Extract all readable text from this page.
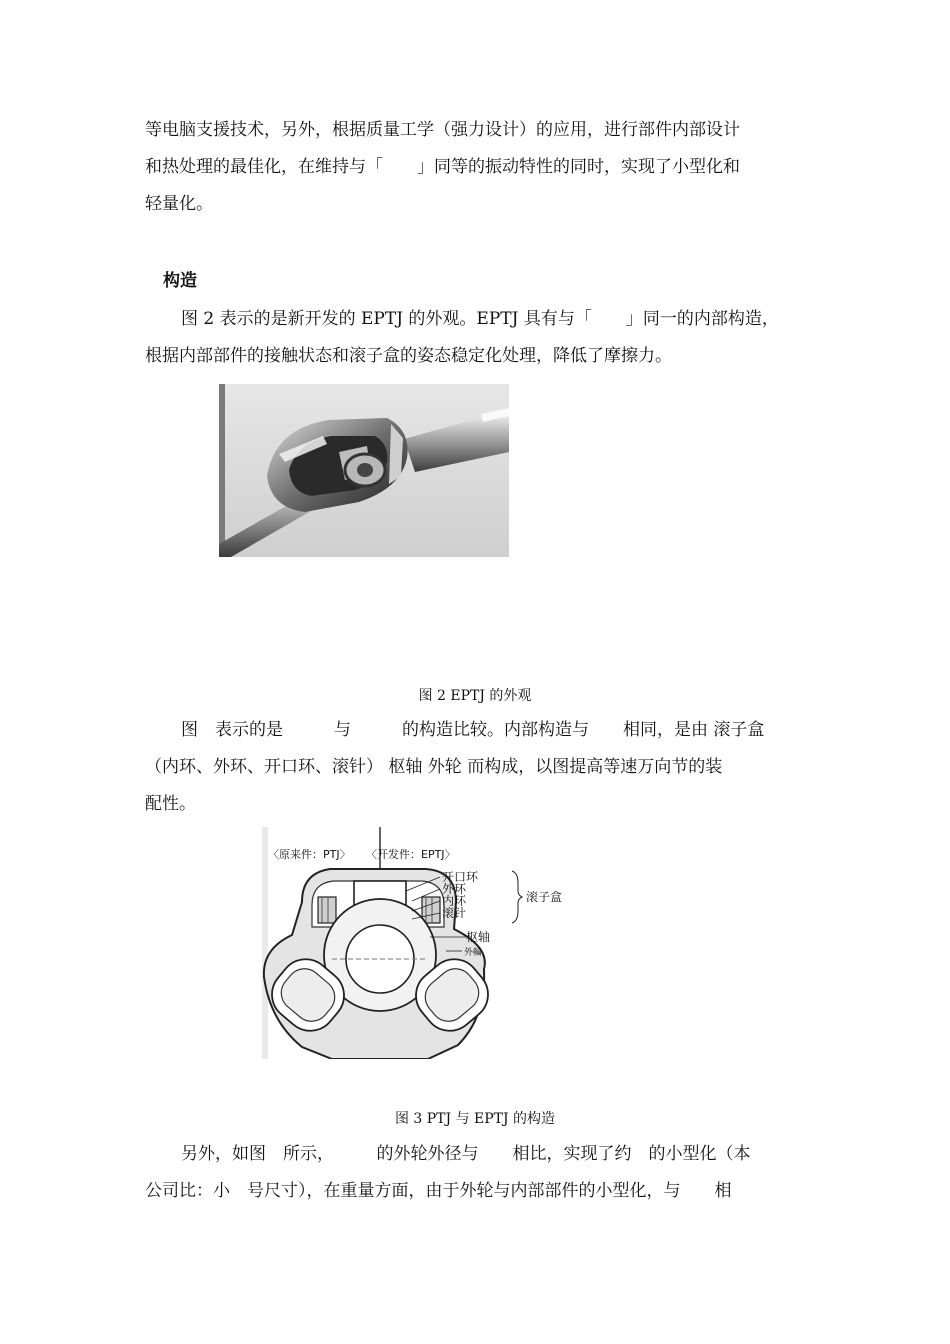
等电脑支援技术，另外，根据质量工学（强力设计）的应用，进行部件内部设计
和热处理的最佳化，在维持与「　　」同等的振动特性的同时，实现了小型化和
轻量化。
构造
图 2 表示的是新开发的 EPTJ 的外观。EPTJ 具有与「　　」同一的内部构造，
根据内部部件的接触状态和滚子盒的姿态稳定化处理，降低了摩擦力。

图 2 EPTJ 的外观

图　表示的是　　　与　　　的构造比较。内部构造与　　相同，是由 滚子盒
（内环、外环、开口环、滚针） 枢轴 外轮 而构成，以图提高等速万向节的装
配性。
〈原来件：PTJ〉 〈开发件：EPTJ〉
开口环
外环
内环
滚针
滚子盒
枢轴
外輪

图 3 PTJ 与 EPTJ 的构造

另外，如图　所示，　　　的外轮外径与　　相比，实现了约　的小型化（本
公司比：小　号尺寸），在重量方面，由于外轮与内部部件的小型化，与　　相
